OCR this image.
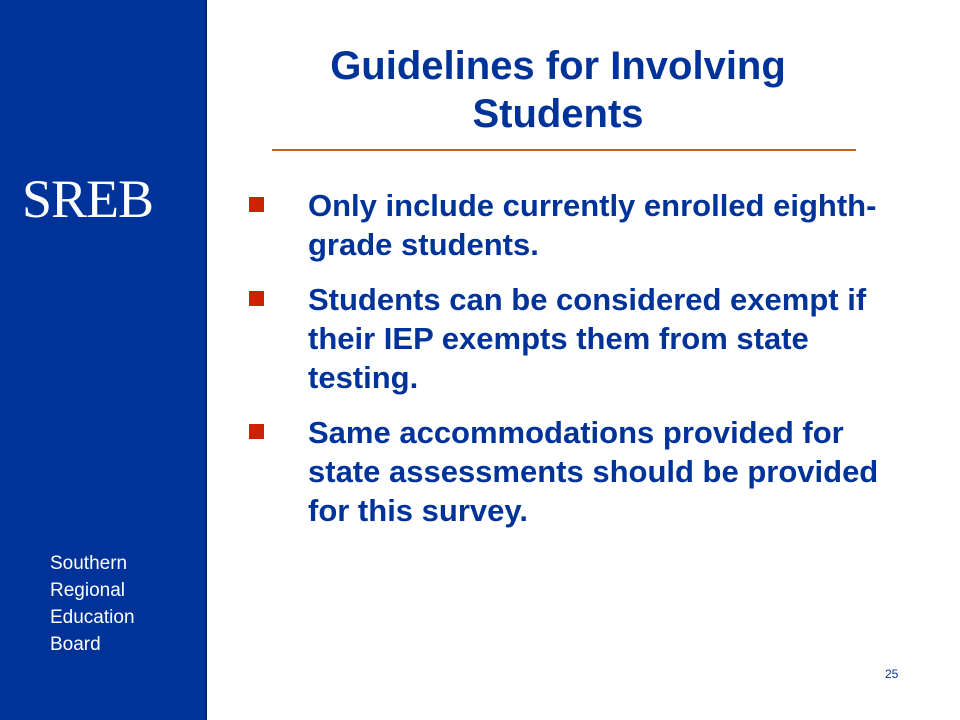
SREB
Southern
Regional
Education
Board
Guidelines for Involving Students
Only include currently enrolled eighth-grade students.
Students can be considered exempt if their IEP exempts them from state testing.
Same accommodations provided for state assessments should be provided for this survey.
25
